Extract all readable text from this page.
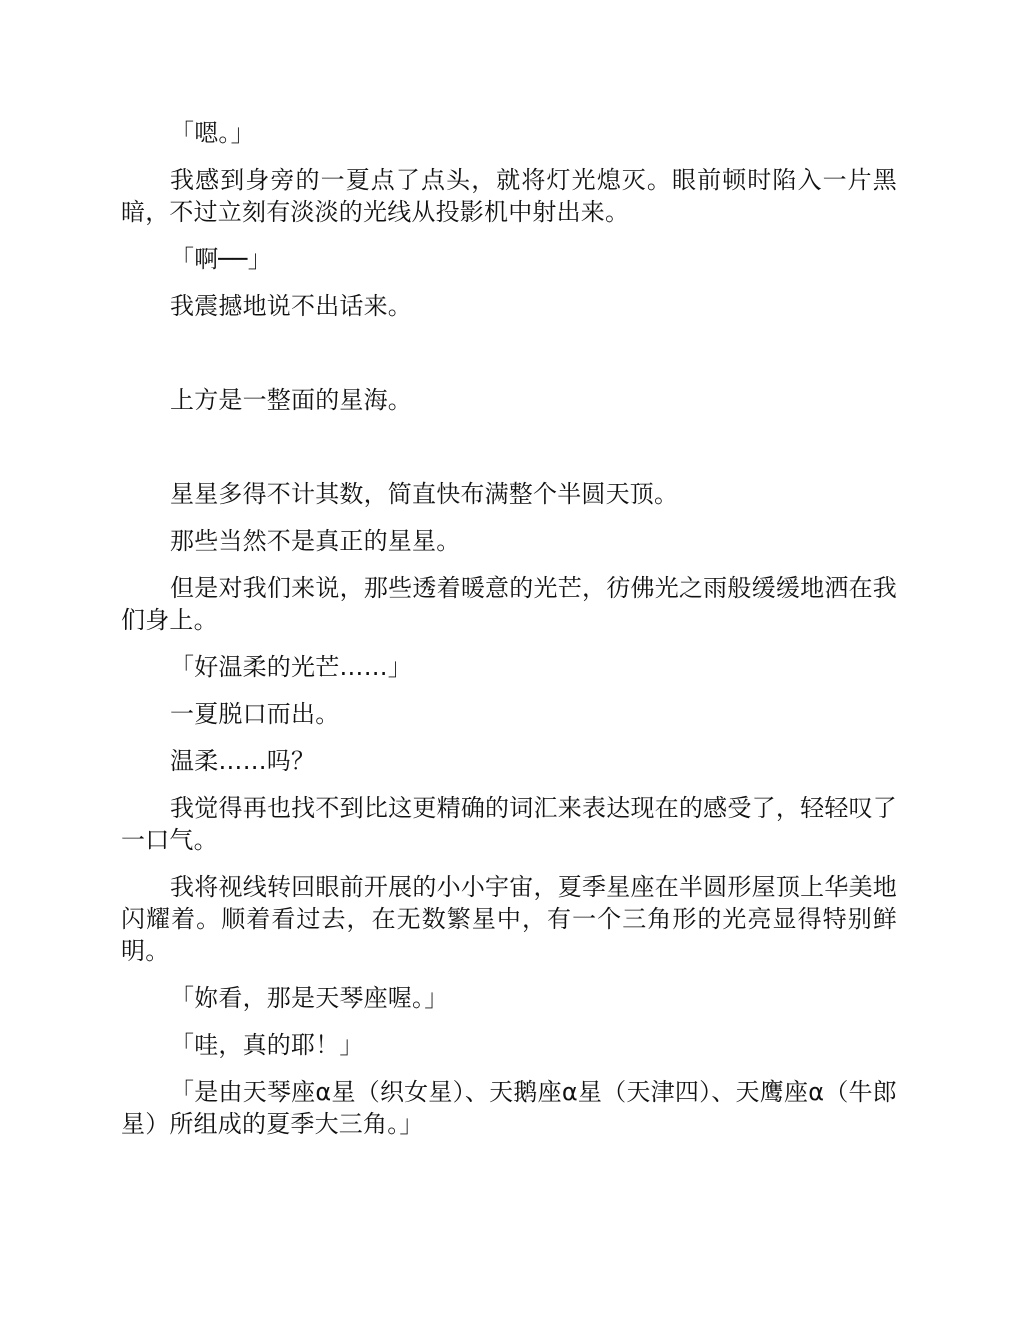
「嗯。」

我感到身旁的一夏点了点头，就将灯光熄灭。眼前顿时陷入一片黑暗，不过立刻有淡淡的光线从投影机中射出来。

「啊──」

我震撼地说不出话来。

上方是一整面的星海。

星星多得不计其数，简直快布满整个半圆天顶。

那些当然不是真正的星星。

但是对我们来说，那些透着暖意的光芒，彷佛光之雨般缓缓地洒在我们身上。

「好温柔的光芒……」

一夏脱口而出。

温柔……吗？

我觉得再也找不到比这更精确的词汇来表达现在的感受了，轻轻叹了一口气。

我将视线转回眼前开展的小小宇宙，夏季星座在半圆形屋顶上华美地闪耀着。顺着看过去，在无数繁星中，有一个三角形的光亮显得特别鲜明。

「妳看，那是天琴座喔。」

「哇，真的耶！」

「是由天琴座α星（织女星）、天鹅座α星（天津四）、天鹰座α（牛郎星）所组成的夏季大三角。」
